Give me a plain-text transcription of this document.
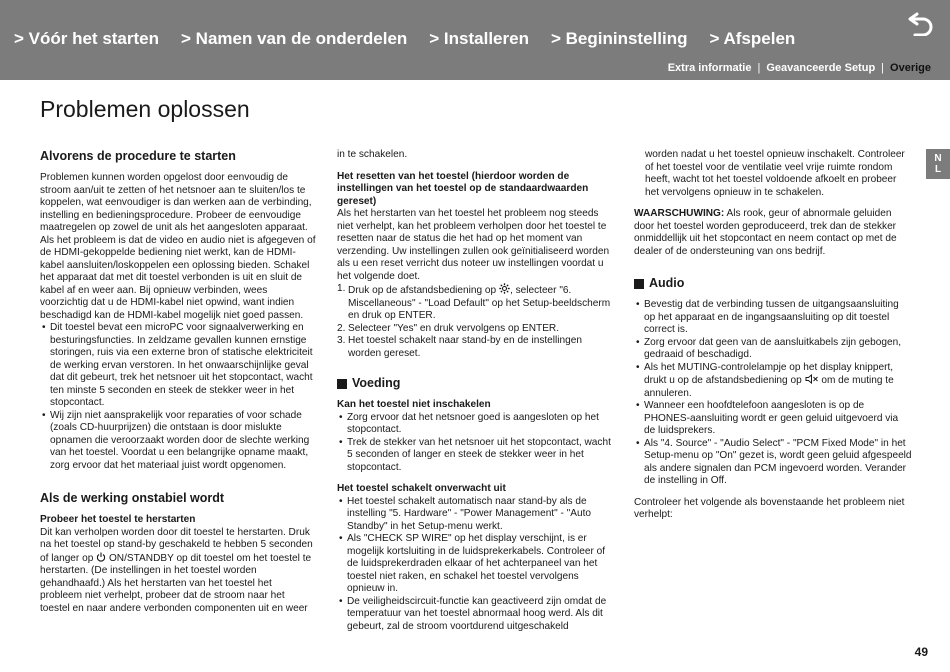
> Vóór het starten > Namen van de onderdelen > Installeren > Begininstelling > Afspelen
Extra informatie | Geavanceerde Setup | Overige
Problemen oplossen
N
L
Alvorens de procedure te starten

Problemen kunnen worden opgelost door eenvoudig de stroom aan/uit te zetten of het netsnoer aan te sluiten/los te koppelen, wat eenvoudiger is dan werken aan de verbinding, instelling en bedieningsprocedure. Probeer de eenvoudige maatregelen op zowel de unit als het aangesloten apparaat. Als het probleem is dat de video en audio niet is afgegeven of de HDMI-gekoppelde bediening niet werkt, kan de HDMI-kabel aansluiten/loskoppelen een oplossing bieden. Schakel het apparaat dat met dit toestel verbonden is uit en sluit de kabel af en weer aan. Bij opnieuw verbinden, wees voorzichtig dat u de HDMI-kabel niet opwind, want indien beschadigd kan de HDMI-kabel mogelijk niet goed passen.

• Dit toestel bevat een microPC voor signaalverwerking en besturingsfuncties. In zeldzame gevallen kunnen ernstige storingen, ruis via een externe bron of statische elektriciteit de werking ervan verstoren. In het onwaarschijnlijke geval dat dit gebeurt, trek het netsnoer uit het stopcontact, wacht ten minste 5 seconden en steek de stekker weer in het stopcontact.
• Wij zijn niet aansprakelijk voor reparaties of voor schade (zoals CD-huurprijzen) die ontstaan is door mislukte opnamen die veroorzaakt worden door de slechte werking van het toestel. Voordat u een belangrijke opname maakt, zorg ervoor dat het materiaal juist wordt opgenomen.
Als de werking onstabiel wordt
Probeer het toestel te herstarten

Dit kan verholpen worden door dit toestel te herstarten. Druk na het toestel op stand-by geschakeld te hebben 5 seconden of langer op ON/STANDBY op dit toestel om het toestel te herstarten. (De instellingen in het toestel worden gehandhaafd.) Als het herstarten van het toestel het probleem niet verhelpt, probeer dat de stroom naar het toestel en naar andere verbonden componenten uit en weer

in te schakelen.

Het resetten van het toestel (hierdoor worden de instellingen van het toestel op de standaardwaarden gereset)

Als het herstarten van het toestel het probleem nog steeds niet verhelpt, kan het probleem verholpen door het toestel te resetten naar de status die het had op het moment van verzending. Uw instellingen zullen ook geïnitialiseerd worden als u een reset verricht dus noteer uw instellingen voordat u het volgende doet.

1. Druk op de afstandsbediening op , selecteer "6. Miscellaneous" - "Load Default" op het Setup-beeldscherm en druk op ENTER.
2. Selecteer "Yes" en druk vervolgens op ENTER.
3. Het toestel schakelt naar stand-by en de instellingen worden gereset.
Voeding
Kan het toestel niet inschakelen
• Zorg ervoor dat het netsnoer goed is aangesloten op het stopcontact.
• Trek de stekker van het netsnoer uit het stopcontact, wacht 5 seconden of langer en steek de stekker weer in het stopcontact.
Het toestel schakelt onverwacht uit
• Het toestel schakelt automatisch naar stand-by als de instelling "5. Hardware" - "Power Management" - "Auto Standby" in het Setup-menu werkt.
• Als "CHECK SP WIRE" op het display verschijnt, is er mogelijk kortsluiting in de luidsprekerkabels. Controleer of de luidsprekerdraden elkaar of het achterpaneel van het toestel niet raken, en schakel het toestel vervolgens opnieuw in.
• De veiligheidscircuit-functie kan geactiveerd zijn omdat de temperatuur van het toestel abnormaal hoog werd. Als dit gebeurt, zal de stroom voortdurend uitgeschakeld

worden nadat u het toestel opnieuw inschakelt. Controleer of het toestel voor de ventilatie veel vrije ruimte rondom heeft, wacht tot het toestel voldoende afkoelt en probeer het vervolgens opnieuw in te schakelen.

WAARSCHUWING: Als rook, geur of abnormale geluiden door het toestel worden geproduceerd, trek dan de stekker onmiddellijk uit het stopcontact en neem contact op met de dealer of de ondersteuning van ons bedrijf.

Audio
• Bevestig dat de verbinding tussen de uitgangsaansluiting op het apparaat en de ingangsaansluiting op dit toestel correct is.
• Zorg ervoor dat geen van de aansluitkabels zijn gebogen, gedraaid of beschadigd.
• Als het MUTING-controlelampje op het display knippert, drukt u op de afstandsbediening op om de muting te annuleren.
• Wanneer een hoofdtelefoon aangesloten is op de PHONES-aansluiting wordt er geen geluid uitgevoerd via de luidsprekers.
• Als "4. Source" - "Audio Select" - "PCM Fixed Mode" in het Setup-menu op "On" gezet is, wordt geen geluid afgespeeld als andere signalen dan PCM ingevoerd worden. Verander de instelling in Off.

Controleer het volgende als bovenstaande het probleem niet verhelpt:

49
